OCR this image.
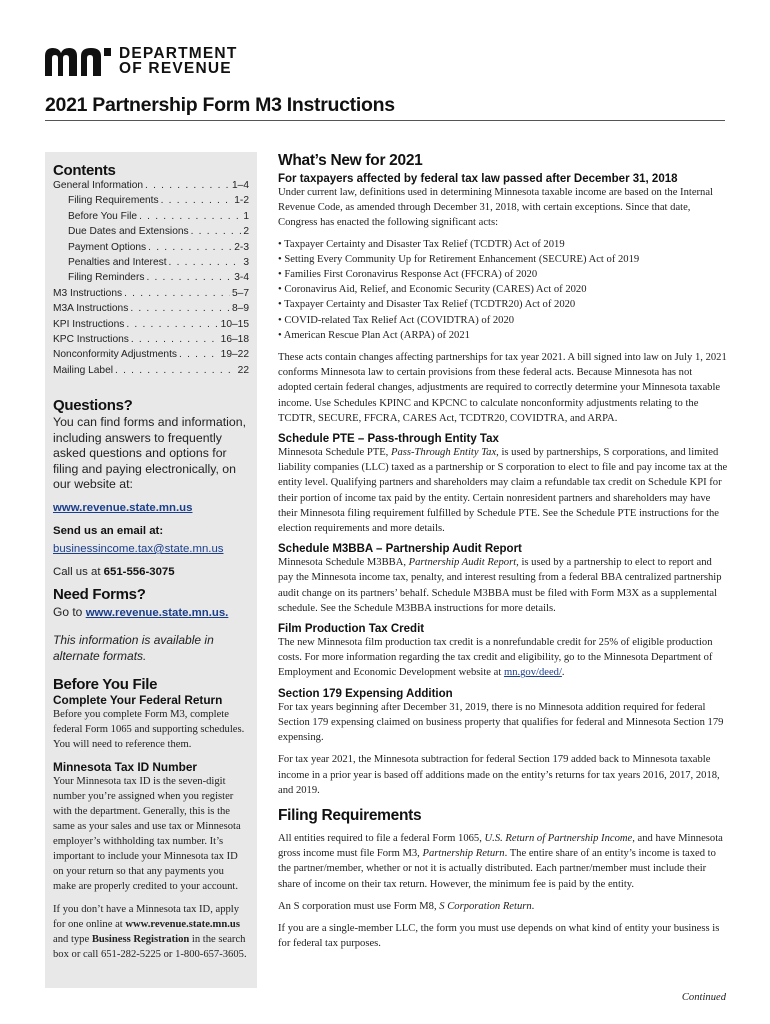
DEPARTMENT
OF REVENUE
2021 Partnership Form M3 Instructions
Contents
General Information . . .	1–4
Filing Requirements . . .	1-2
Before You File . . .	1
Due Dates and Extensions . . .	2
Payment Options . . .	2-3
Penalties and Interest . . .	3
Filing Reminders . . .	3-4
M3 Instructions . . .	5–7
M3A Instructions . . .	8–9
KPI Instructions . . .	10–15
KPC Instructions . . .	16–18
Nonconformity Adjustments . . .	19–22
Mailing Label . . .	22
Questions?

You can find forms and information, including answers to frequently asked questions and options for filing and paying electronically, on our website at:

www.revenue.state.mn.us
Send us an email at:
businessincome.tax@state.mn.us
Call us at 651-556-3075
Need Forms?
Go to www.revenue.state.mn.us.

This information is available in alternate formats.

Before You File

Complete Your Federal Return

Before you complete Form M3, complete federal Form 1065 and supporting schedules. You will need to reference them.

Minnesota Tax ID Number

Your Minnesota tax ID is the seven-digit number you’re assigned when you register with the department. Generally, this is the same as your sales and use tax or Minnesota employer’s withholding tax number. It’s important to include your Minnesota tax ID on your return so that any payments you make are properly credited to your account.

If you don’t have a Minnesota tax ID, apply for one online at www.revenue.state.mn.us and type Business Registration in the search box or call 651-282-5225 or 1-800-657-3605.

What’s New for 2021
For taxpayers affected by federal tax law passed after December 31, 2018

Under current law, definitions used in determining Minnesota taxable income are based on the Internal Revenue Code, as amended through December 31, 2018, with certain exceptions. Since that date, Congress has enacted the following significant acts:

• Taxpayer Certainty and Disaster Tax Relief (TCDTR) Act of 2019
• Setting Every Community Up for Retirement Enhancement (SECURE) Act of 2019
• Families First Coronavirus Response Act (FFCRA) of 2020
• Coronavirus Aid, Relief, and Economic Security (CARES) Act of 2020
• Taxpayer Certainty and Disaster Tax Relief (TCDTR20) Act of 2020
• COVID-related Tax Relief Act (COVIDTRA) of 2020
• American Rescue Plan Act (ARPA) of 2021

These acts contain changes affecting partnerships for tax year 2021. A bill signed into law on July 1, 2021 conforms Minnesota law to certain provisions from these federal acts. Because Minnesota has not adopted certain federal changes, adjustments are required to correctly determine your Minnesota taxable income. Use Schedules KPINC and KPCNC to calculate nonconformity adjustments relating to the TCDTR, SECURE, FFCRA, CARES Act, TCDTR20, COVIDTRA, and ARPA.

Schedule PTE – Pass-through Entity Tax

Minnesota Schedule PTE, Pass-Through Entity Tax, is used by partnerships, S corporations, and limited liability companies (LLC) taxed as a partnership or S corporation to elect to file and pay income tax at the entity level. Qualifying partners and shareholders may claim a refundable tax credit on Schedule KPI for their portion of income tax paid by the entity. Certain nonresident partners and shareholders may have their Minnesota filing requirement fulfilled by Schedule PTE. See the Schedule PTE instructions for the election requirements and more details.

Schedule M3BBA – Partnership Audit Report

Minnesota Schedule M3BBA, Partnership Audit Report, is used by a partnership to elect to report and pay the Minnesota income tax, penalty, and interest resulting from a federal BBA centralized partnership audit change on its partners’ behalf. Schedule M3BBA must be filed with Form M3X as a supplemental schedule. See the Schedule M3BBA instructions for more details.

Film Production Tax Credit

The new Minnesota film production tax credit is a nonrefundable credit for 25% of eligible production costs. For more information regarding the tax credit and eligibility, go to the Minnesota Department of Employment and Economic Development website at mn.gov/deed/.

Section 179 Expensing Addition

For tax years beginning after December 31, 2019, there is no Minnesota addition required for federal Section 179 expensing claimed on business property that qualifies for federal and Minnesota Section 179 expensing.

For tax year 2021, the Minnesota subtraction for federal Section 179 added back to Minnesota taxable income in a prior year is based off additions made on the entity’s returns for tax years 2016, 2017, 2018, and 2019.

Filing Requirements

All entities required to file a federal Form 1065, U.S. Return of Partnership Income, and have Minnesota gross income must file Form M3, Partnership Return. The entire share of an entity’s income is taxed to the partner/member, whether or not it is actually distributed. Each partner/member must include their share of income on their tax return. However, the minimum fee is paid by the entity.

An S corporation must use Form M8, S Corporation Return.

If you are a single-member LLC, the form you must use depends on what kind of entity your business is for federal tax purposes.

Continued
